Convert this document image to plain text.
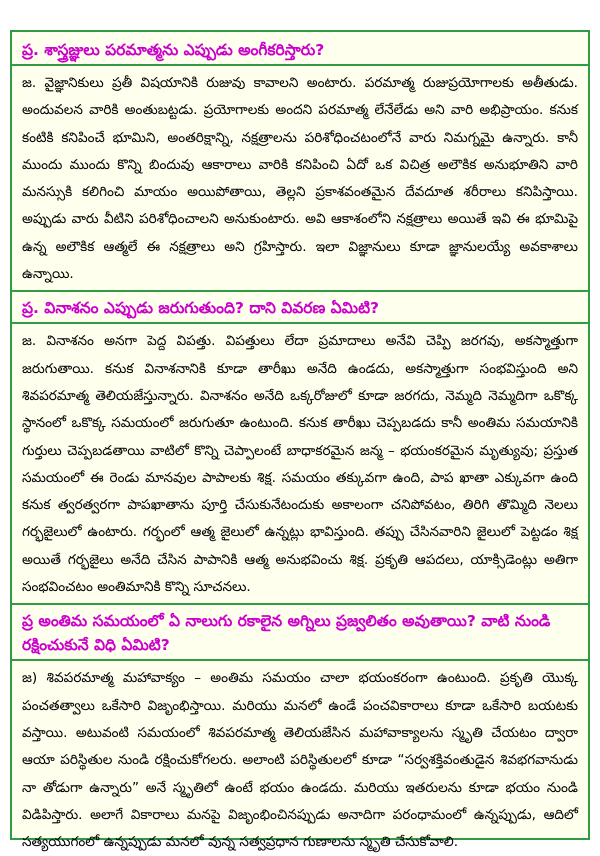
ప్ర. శాస్త్రజ్ఞులు పరమాత్మను ఎప్పుడు అంగీకరిస్తారు?

జ. వైజ్ఞానికులు ప్రతీ విషయానికి రుజువు కావాలని అంటారు. పరమాత్మ రుజుప్రయోగాలకు అతీతుడు. అందువలన వారికి అంతుబట్టడు. ప్రయోగాలకు అందని పరమాత్మ లేనేలేడు అని వారి అభిప్రాయం. కనుక కంటికి కనిపించే భూమిని, అంతరిక్షాన్ని, నక్షత్రాలను పరిశోధించటంలోనే వారు నిమగ్నమై ఉన్నారు. కానీ ముందు ముందు కొన్ని బిందువు ఆకారాలు వారికి కనిపించి ఏదో ఒక విచిత్ర అలౌకిక అనుభూతిని వారి మనస్సుకి కలిగించి మాయం అయిపోతాయి, తెల్లని ప్రకాశవంతమైన దేవదూత శరీరాలు కనిపిస్తాయి. అప్పుడు వారు వీటిని పరిశోధించాలని అనుకుంటారు. అవి ఆకాశంలోని నక్షత్రాలు అయితే ఇవి ఈ భూమిపై ఉన్న అలౌకిక ఆత్మలే ఈ నక్షత్రాలు అని గ్రహిస్తారు. ఇలా విజ్ఞానులు కూడా జ్ఞానులయ్యే అవకాశాలు ఉన్నాయి.

ప్ర. వినాశనం ఎప్పుడు జరుగుతుంది? దాని వివరణ ఏమిటి?

జ. వినాశనం అనగా పెద్ద విపత్తు. విపత్తులు లేదా ప్రమాదాలు అనేవి చెప్పి జరగవు, అకస్మాత్తుగా జరుగుతాయి. కనుక వినాశనానికి కూడా తారీఖు అనేది ఉండదు, అకస్మాత్తుగా సంభవిస్తుంది అని శివపరమాత్మ తెలియజేస్తున్నారు. వినాశనం అనేది ఒక్కరోజులో కూడా జరగదు, నెమ్మది నెమ్మదిగా ఒకొక్క స్థానంలో ఒకొక్క సమయంలో జరుగుతూ ఉంటుంది. కనుక తారీఖు చెప్పబడదు కానీ అంతిమ సమయానికి గుర్తులు చెప్పబడతాయి వాటిలో కొన్ని చెప్పాలంటే బాధాకరమైన జన్మ – భయంకరమైన మృత్యువు; ప్రస్తుత సమయంలో ఈ రెండు మానవుల పాపాలకు శిక్ష. సమయం తక్కువగా ఉంది, పాప ఖాతా ఎక్కువగా ఉంది కనుక త్వరత్వరగా పాపఖాతాను పూర్తి చేసుకునేటందుకు అకాలంగా చనిపోవటం, తిరిగి తొమ్మిది నెలలు గర్భజైలులో ఉంటారు. గర్భంలో ఆత్మ జైలులో ఉన్నట్లు భావిస్తుంది. తప్పు చేసినవారిని జైలులో పెట్టడం శిక్ష అయితే గర్భజైలు అనేది చేసిన పాపానికి ఆత్మ అనుభవించు శిక్ష. ప్రకృతి ఆపదలు, యాక్సిడెంట్లు అతిగా సంభవించటం అంతిమానికి కొన్ని సూచనలు.

ప్ర అంతిమ సమయంలో ఏ నాలుగు రకాలైన అగ్నిలు ప్రజ్వలితం అవుతాయి? వాటి నుండి రక్షించుకునే విధి ఏమిటి?

జ) శివపరమాత్మ మహావాక్యం – అంతిమ సమయం చాలా భయంకరంగా ఉంటుంది. ప్రకృతి యొక్క పంచతత్వాలు ఒకేసారి విజృంభిస్తాయి. మరియు మనలో ఉండే పంచవికారాలు కూడా ఒకేసారి బయటకు వస్తాయి. అటువంటి సమయంలో శివపరమాత్మ తెలియజేసిన మహావాక్యాలను స్మృతి చేయటం ద్వారా ఆయా పరిస్థితుల నుండి రక్షించుకోగలరు. అలాంటి పరిస్థితులలో కూడా “సర్వశక్తివంతుడైన శివభగవానుడు నా తోడుగా ఉన్నారు” అనే స్మృతిలో ఉంటే భయం ఉండదు. మరియు ఇతరులను కూడా భయం నుండి విడిపిస్తారు. అలాగే వికారాలు మనపై విజృంభించినప్పుడు అనాదిగా పరంధామంలో ఉన్నప్పుడు, ఆదిలో సత్యయుగంలో ఉన్నప్పుడు మనలో వున్న సత్వప్రధాన గుణాలను స్మృతి చేసుకోవాలి.
